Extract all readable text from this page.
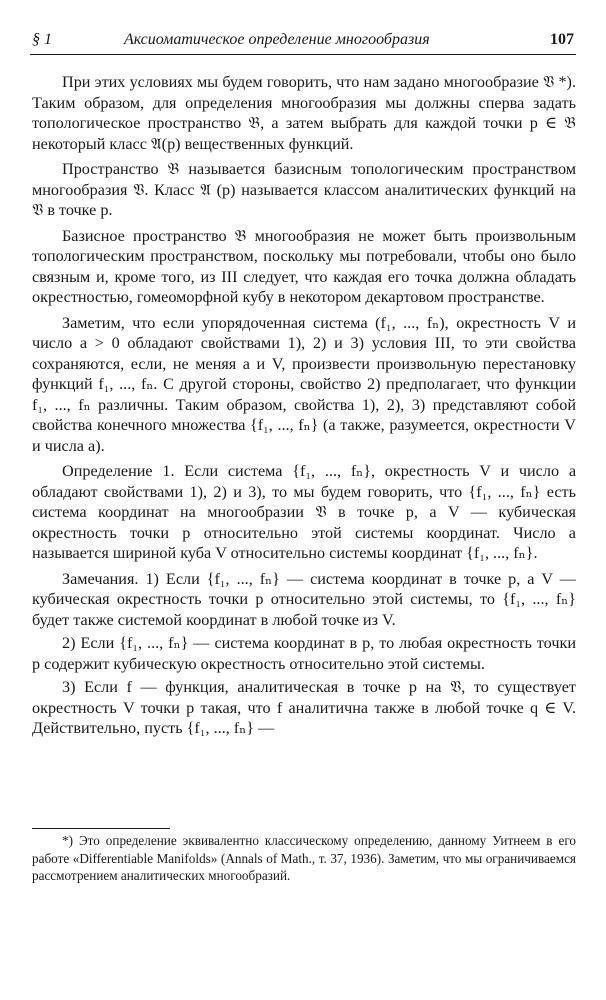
§ 1	Аксиоматическое определение многообразия	107

При этих условиях мы будем говорить, что нам задано многообразие 𝔙 *). Таким образом, для определения многообразия мы должны сперва задать топологическое пространство 𝔅, а затем выбрать для каждой точки p ∈ 𝔅 некоторый класс 𝔄(p) вещественных функций.

Пространство 𝔅 называется базисным топологическим пространством многообразия 𝔙. Класс 𝔄 (p) называется классом аналитических функций на 𝔙 в точке p.

Базисное пространство 𝔅 многообразия не может быть произвольным топологическим пространством, поскольку мы потребовали, чтобы оно было связным и, кроме того, из III следует, что каждая его точка должна обладать окрестностью, гомеоморфной кубу в некотором декартовом пространстве.

Заметим, что если упорядоченная система (f₁, ..., fₙ), окрестность V и число a > 0 обладают свойствами 1), 2) и 3) условия III, то эти свойства сохраняются, если, не меняя a и V, произвести произвольную перестановку функций f₁, ..., fₙ. С другой стороны, свойство 2) предполагает, что функции f₁, ..., fₙ различны. Таким образом, свойства 1), 2), 3) представляют собой свойства конечного множества {f₁, ..., fₙ} (а также, разумеется, окрестности V и числа a).

Определение 1. Если система {f₁, ..., fₙ}, окрестность V и число a обладают свойствами 1), 2) и 3), то мы будем говорить, что {f₁, ..., fₙ} есть система координат на многообразии 𝔙 в точке p, а V — кубическая окрестность точки p относительно этой системы координат. Число a называется шириной куба V относительно системы координат {f₁, ..., fₙ}.

Замечания. 1) Если {f₁, ..., fₙ} — система координат в точке p, а V — кубическая окрестность точки p относительно этой системы, то {f₁, ..., fₙ} будет также системой координат в любой точке из V.

2) Если {f₁, ..., fₙ} — система координат в p, то любая окрестность точки p содержит кубическую окрестность относительно этой системы.

3) Если f — функция, аналитическая в точке p на 𝔙, то существует окрестность V точки p такая, что f аналитична также в любой точке q ∈ V. Действительно, пусть {f₁, ..., fₙ} —

*) Это определение эквивалентно классическому определению, данному Уитнеем в его работе «Differentiable Manifolds» (Annals of Math., т. 37, 1936). Заметим, что мы ограничиваемся рассмотрением аналитических многообразий.
